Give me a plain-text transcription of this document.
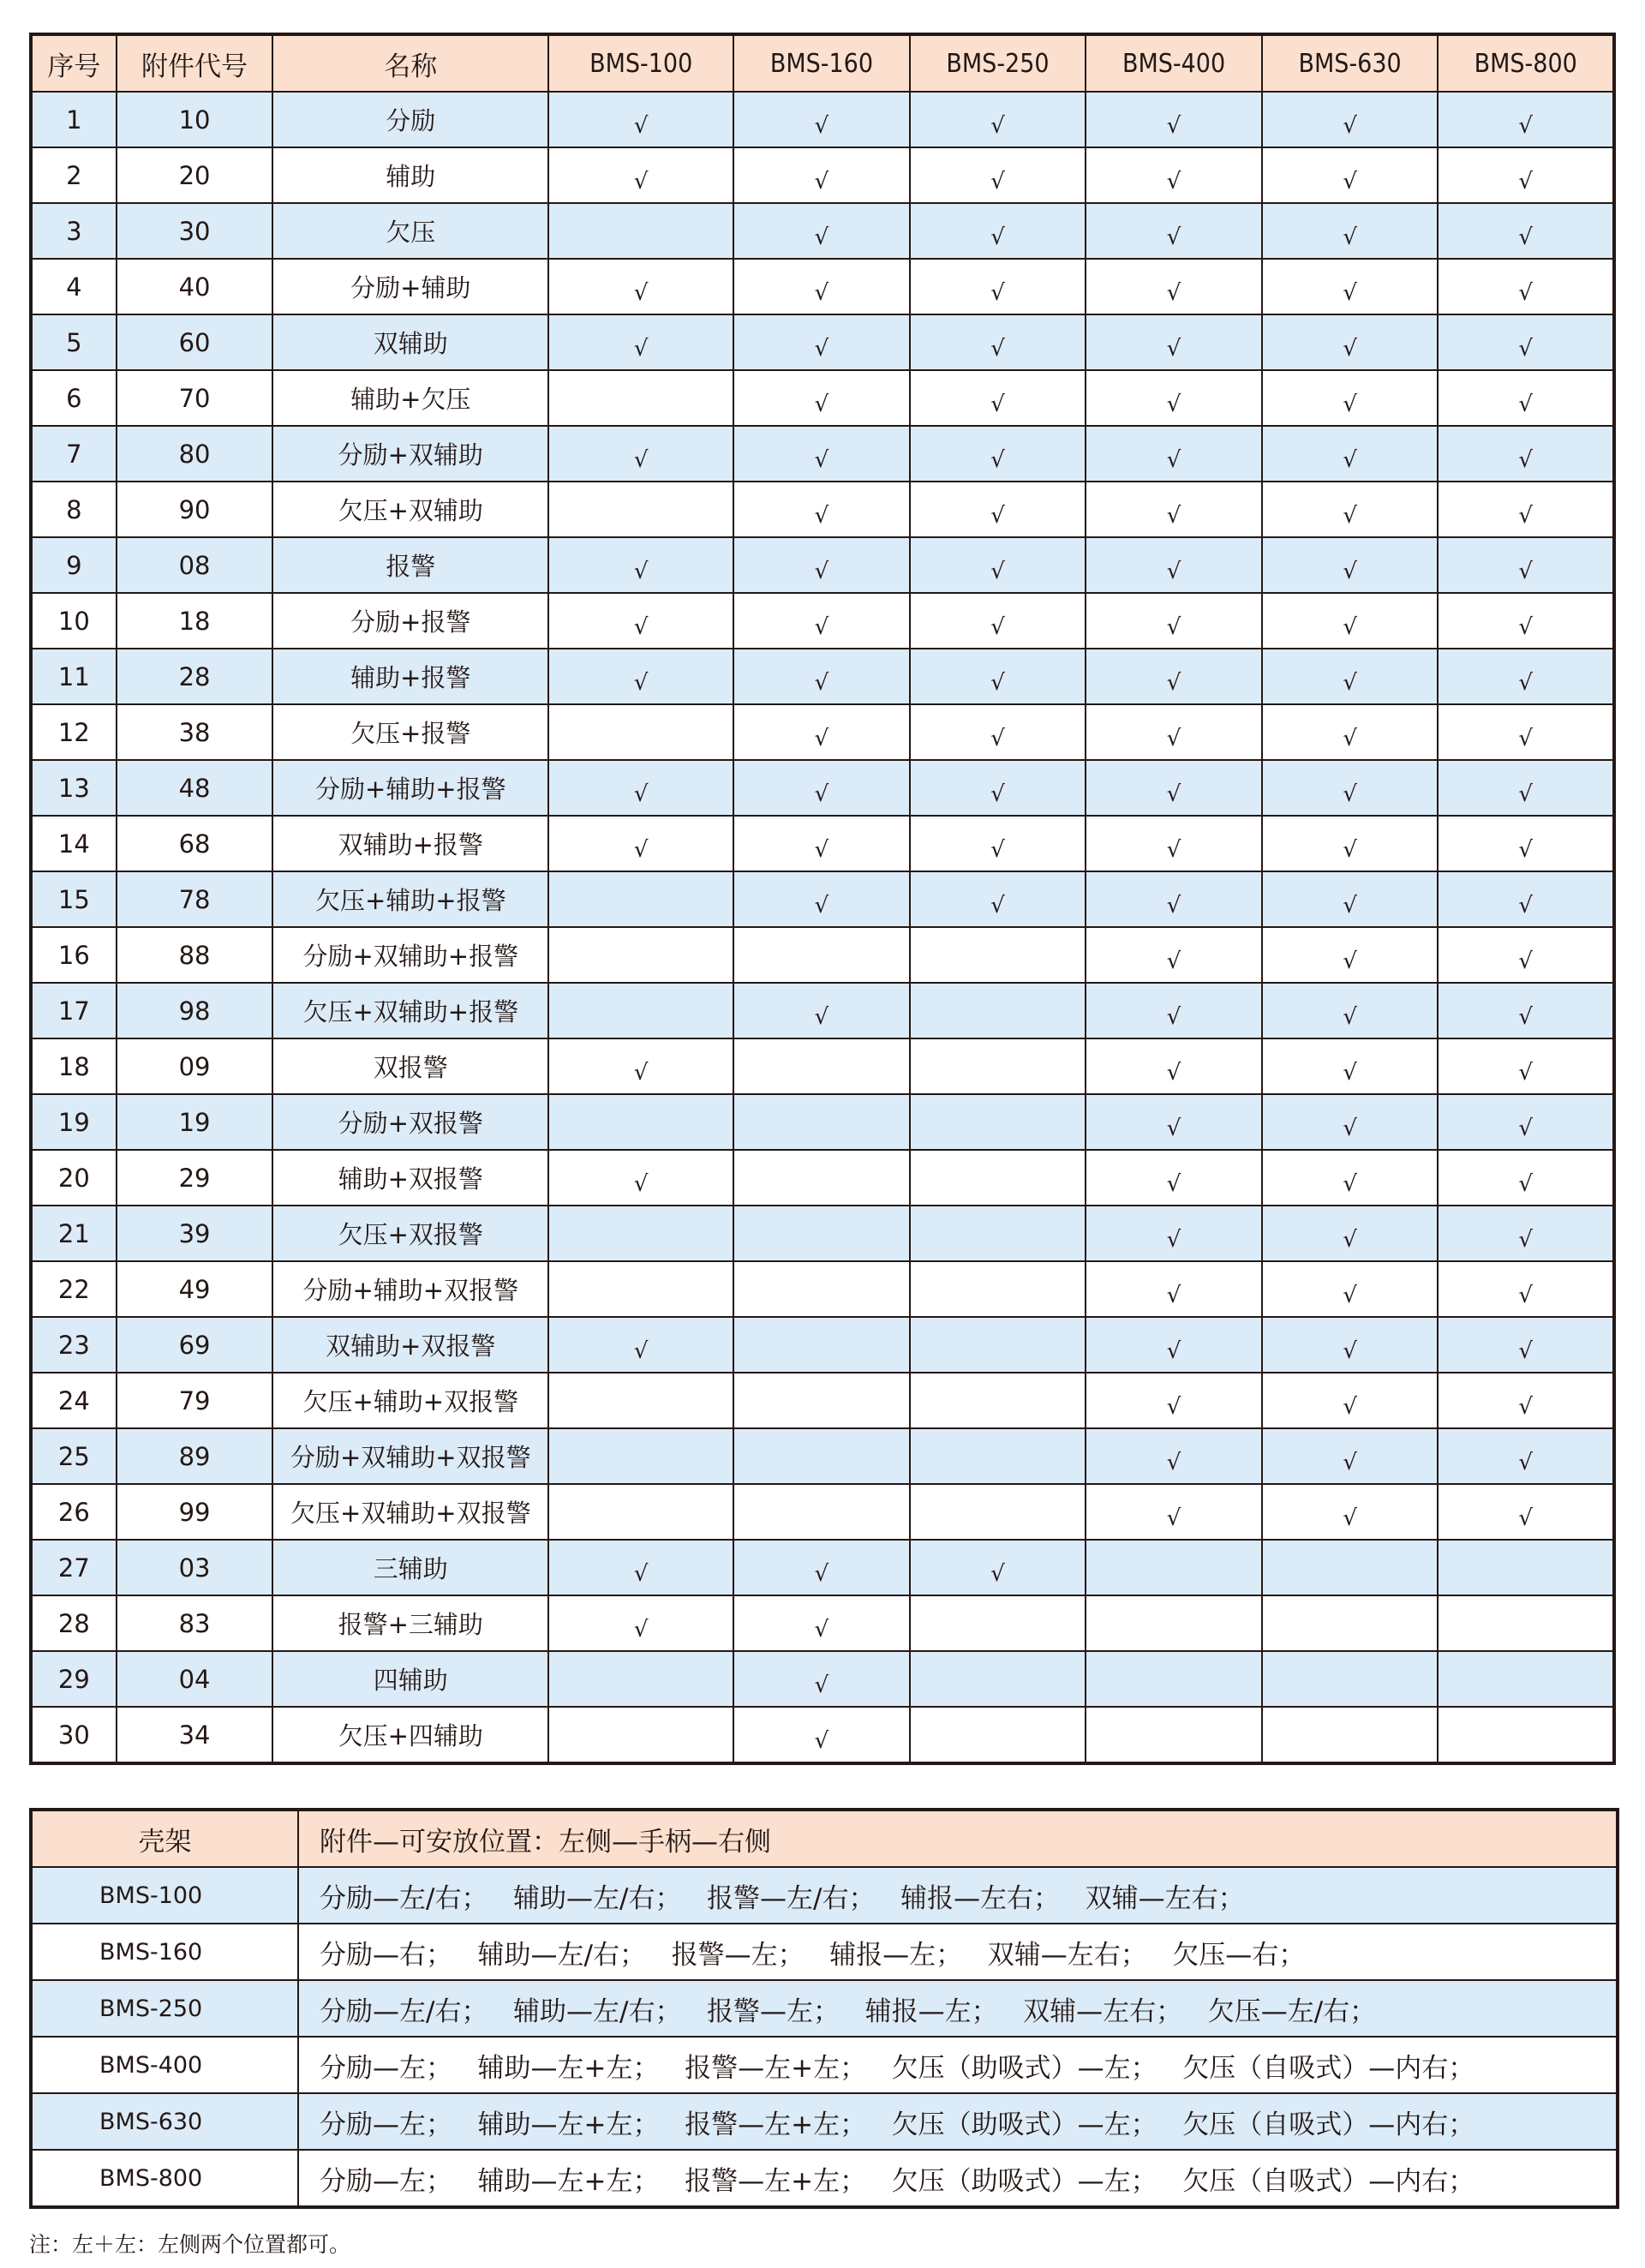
序号	附件代号	名称	BMS-100	BMS-160	BMS-250	BMS-400	BMS-630	BMS-800
1	10	分励	√	√	√	√	√	√
2	20	辅助	√	√	√	√	√	√
3	30	欠压		√	√	√	√	√
4	40	分励+辅助	√	√	√	√	√	√
5	60	双辅助	√	√	√	√	√	√
6	70	辅助+欠压		√	√	√	√	√
7	80	分励+双辅助	√	√	√	√	√	√
8	90	欠压+双辅助		√	√	√	√	√
9	08	报警	√	√	√	√	√	√
10	18	分励+报警	√	√	√	√	√	√
11	28	辅助+报警	√	√	√	√	√	√
12	38	欠压+报警		√	√	√	√	√
13	48	分励+辅助+报警	√	√	√	√	√	√
14	68	双辅助+报警	√	√	√	√	√	√
15	78	欠压+辅助+报警		√	√	√	√	√
16	88	分励+双辅助+报警				√	√	√
17	98	欠压+双辅助+报警		√		√	√	√
18	09	双报警	√			√	√	√
19	19	分励+双报警				√	√	√
20	29	辅助+双报警	√			√	√	√
21	39	欠压+双报警				√	√	√
22	49	分励+辅助+双报警				√	√	√
23	69	双辅助+双报警	√			√	√	√
24	79	欠压+辅助+双报警				√	√	√
25	89	分励+双辅助+双报警				√	√	√
26	99	欠压+双辅助+双报警				√	√	√
27	03	三辅助	√	√	√			
28	83	报警+三辅助	√	√				
29	04	四辅助		√				
30	34	欠压+四辅助		√				
壳架	附件—可安放位置：左侧—手柄—右侧
BMS-100	分励—左/右；   辅助—左/右；   报警—左/右；   辅报—左右；   双辅—左右；
BMS-160	分励—右；   辅助—左/右；   报警—左；   辅报—左；   双辅—左右；   欠压—右；
BMS-250	分励—左/右；   辅助—左/右；   报警—左；   辅报—左；   双辅—左右；   欠压—左/右；
BMS-400	分励—左；   辅助—左+左；   报警—左+左；   欠压（助吸式）—左；   欠压（自吸式）—内右；
BMS-630	分励—左；   辅助—左+左；   报警—左+左；   欠压（助吸式）—左；   欠压（自吸式）—内右；
BMS-800	分励—左；   辅助—左+左；   报警—左+左；   欠压（助吸式）—左；   欠压（自吸式）—内右；
注：左＋左：左侧两个位置都可。
